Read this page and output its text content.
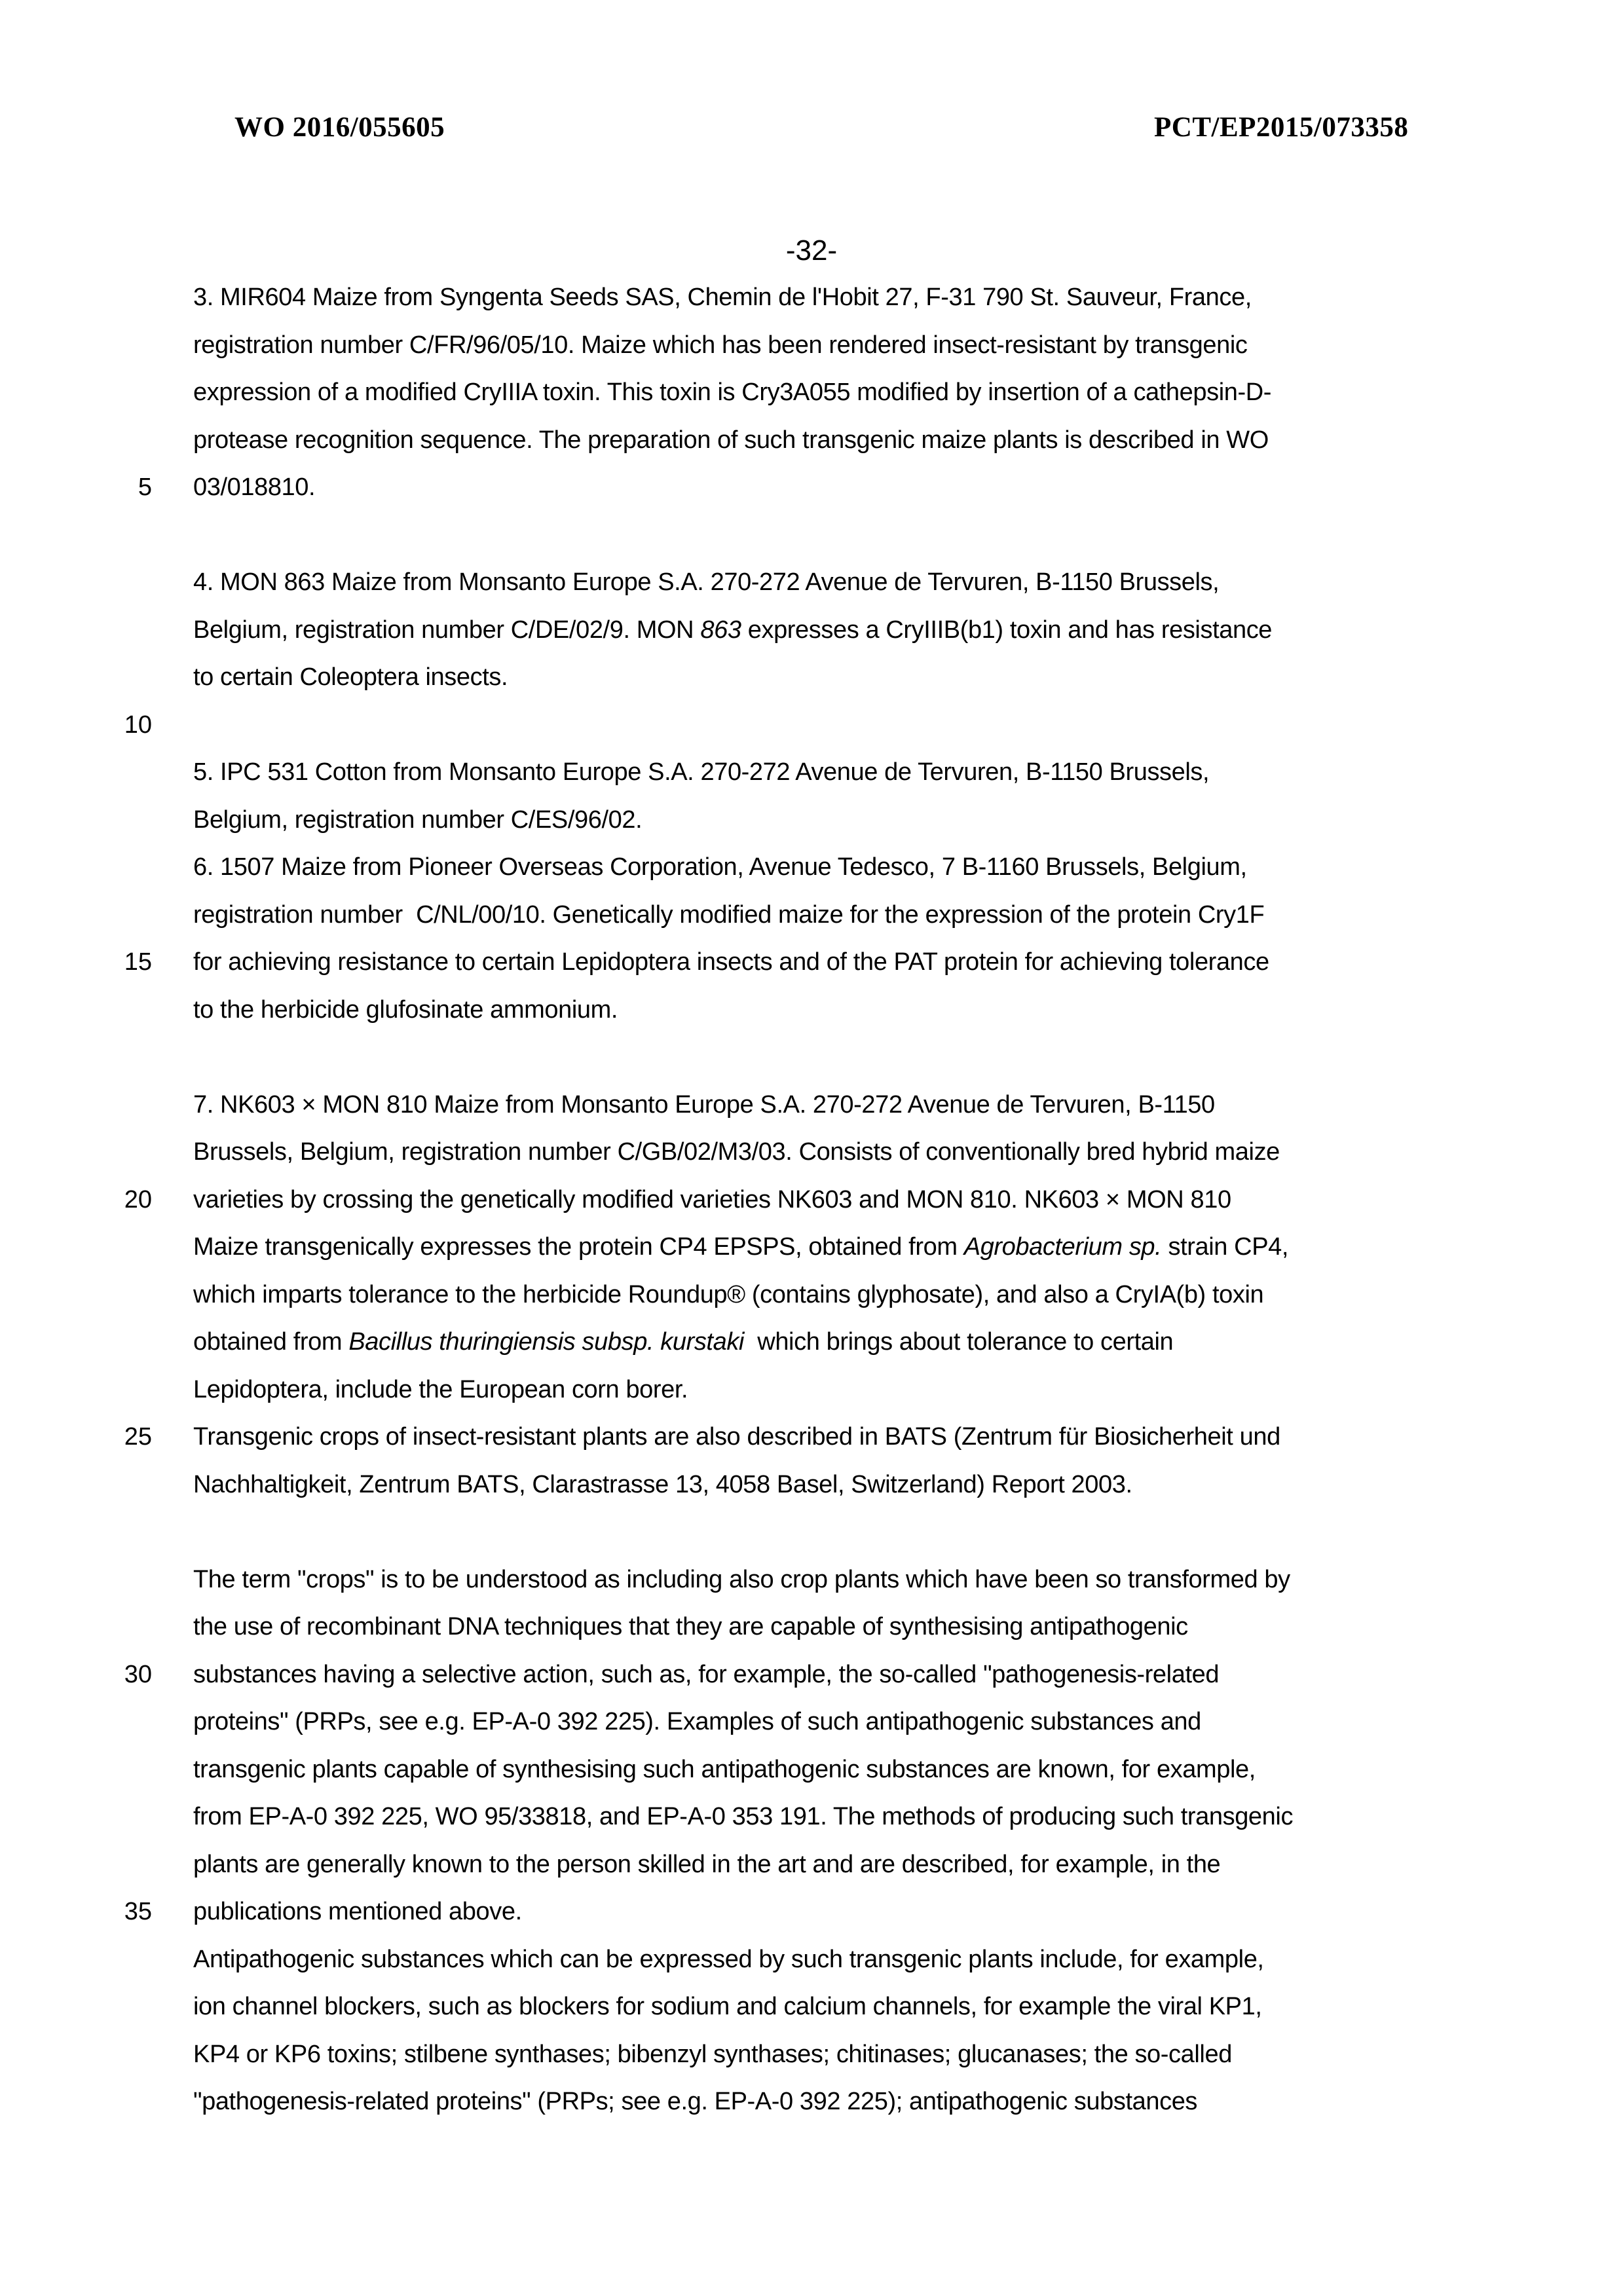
WO 2016/055605	PCT/EP2015/073358
-32-
5
10
15
20
25
30
35
3. MIR604 Maize from Syngenta Seeds SAS, Chemin de l'Hobit 27, F-31 790 St. Sauveur, France,
registration number C/FR/96/05/10. Maize which has been rendered insect-resistant by transgenic
expression of a modified CryIIIA toxin. This toxin is Cry3A055 modified by insertion of a cathepsin-D-
protease recognition sequence. The preparation of such transgenic maize plants is described in WO
03/018810.

4. MON 863 Maize from Monsanto Europe S.A. 270-272 Avenue de Tervuren, B-1150 Brussels,
Belgium, registration number C/DE/02/9. MON 863 expresses a CryIIIB(b1) toxin and has resistance
to certain Coleoptera insects.

5. IPC 531 Cotton from Monsanto Europe S.A. 270-272 Avenue de Tervuren, B-1150 Brussels,
Belgium, registration number C/ES/96/02.
6. 1507 Maize from Pioneer Overseas Corporation, Avenue Tedesco, 7 B-1160 Brussels, Belgium,
registration number  C/NL/00/10. Genetically modified maize for the expression of the protein Cry1F
for achieving resistance to certain Lepidoptera insects and of the PAT protein for achieving tolerance
to the herbicide glufosinate ammonium.

7. NK603 × MON 810 Maize from Monsanto Europe S.A. 270-272 Avenue de Tervuren, B-1150
Brussels, Belgium, registration number C/GB/02/M3/03. Consists of conventionally bred hybrid maize
varieties by crossing the genetically modified varieties NK603 and MON 810. NK603 × MON 810
Maize transgenically expresses the protein CP4 EPSPS, obtained from Agrobacterium sp. strain CP4,
which imparts tolerance to the herbicide Roundup® (contains glyphosate), and also a CryIA(b) toxin
obtained from Bacillus thuringiensis subsp. kurstaki  which brings about tolerance to certain
Lepidoptera, include the European corn borer.
Transgenic crops of insect-resistant plants are also described in BATS (Zentrum für Biosicherheit und
Nachhaltigkeit, Zentrum BATS, Clarastrasse 13, 4058 Basel, Switzerland) Report 2003.

The term "crops" is to be understood as including also crop plants which have been so transformed by
the use of recombinant DNA techniques that they are capable of synthesising antipathogenic
substances having a selective action, such as, for example, the so-called "pathogenesis-related
proteins" (PRPs, see e.g. EP-A-0 392 225). Examples of such antipathogenic substances and
transgenic plants capable of synthesising such antipathogenic substances are known, for example,
from EP-A-0 392 225, WO 95/33818, and EP-A-0 353 191. The methods of producing such transgenic
plants are generally known to the person skilled in the art and are described, for example, in the
publications mentioned above.
Antipathogenic substances which can be expressed by such transgenic plants include, for example,
ion channel blockers, such as blockers for sodium and calcium channels, for example the viral KP1,
KP4 or KP6 toxins; stilbene synthases; bibenzyl synthases; chitinases; glucanases; the so-called
"pathogenesis-related proteins" (PRPs; see e.g. EP-A-0 392 225); antipathogenic substances
